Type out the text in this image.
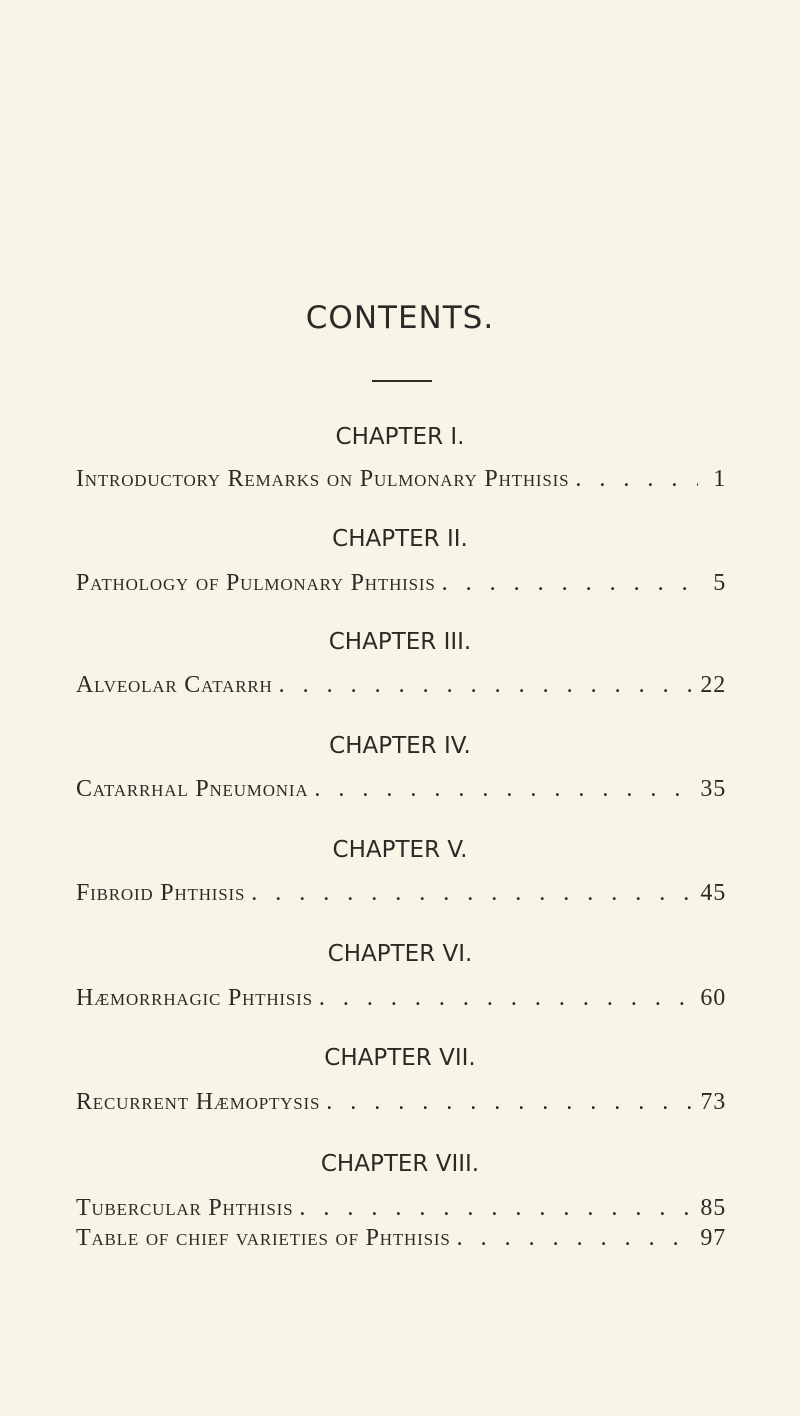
CONTENTS.
CHAPTER I.
Introductory Remarks on Pulmonary Phthisis . . .	1
CHAPTER II.
Pathology of Pulmonary Phthisis . . .	5
CHAPTER III.
Alveolar Catarrh . . .	22
CHAPTER IV.
Catarrhal Pneumonia . . .	35
CHAPTER V.
Fibroid Phthisis . . .	45
CHAPTER VI.
Hæmorrhagic Phthisis . . .	60
CHAPTER VII.
Recurrent Hæmoptysis . . .	73
CHAPTER VIII.
Tubercular Phthisis . . .	85
Table of chief varieties of Phthisis . . .	97
